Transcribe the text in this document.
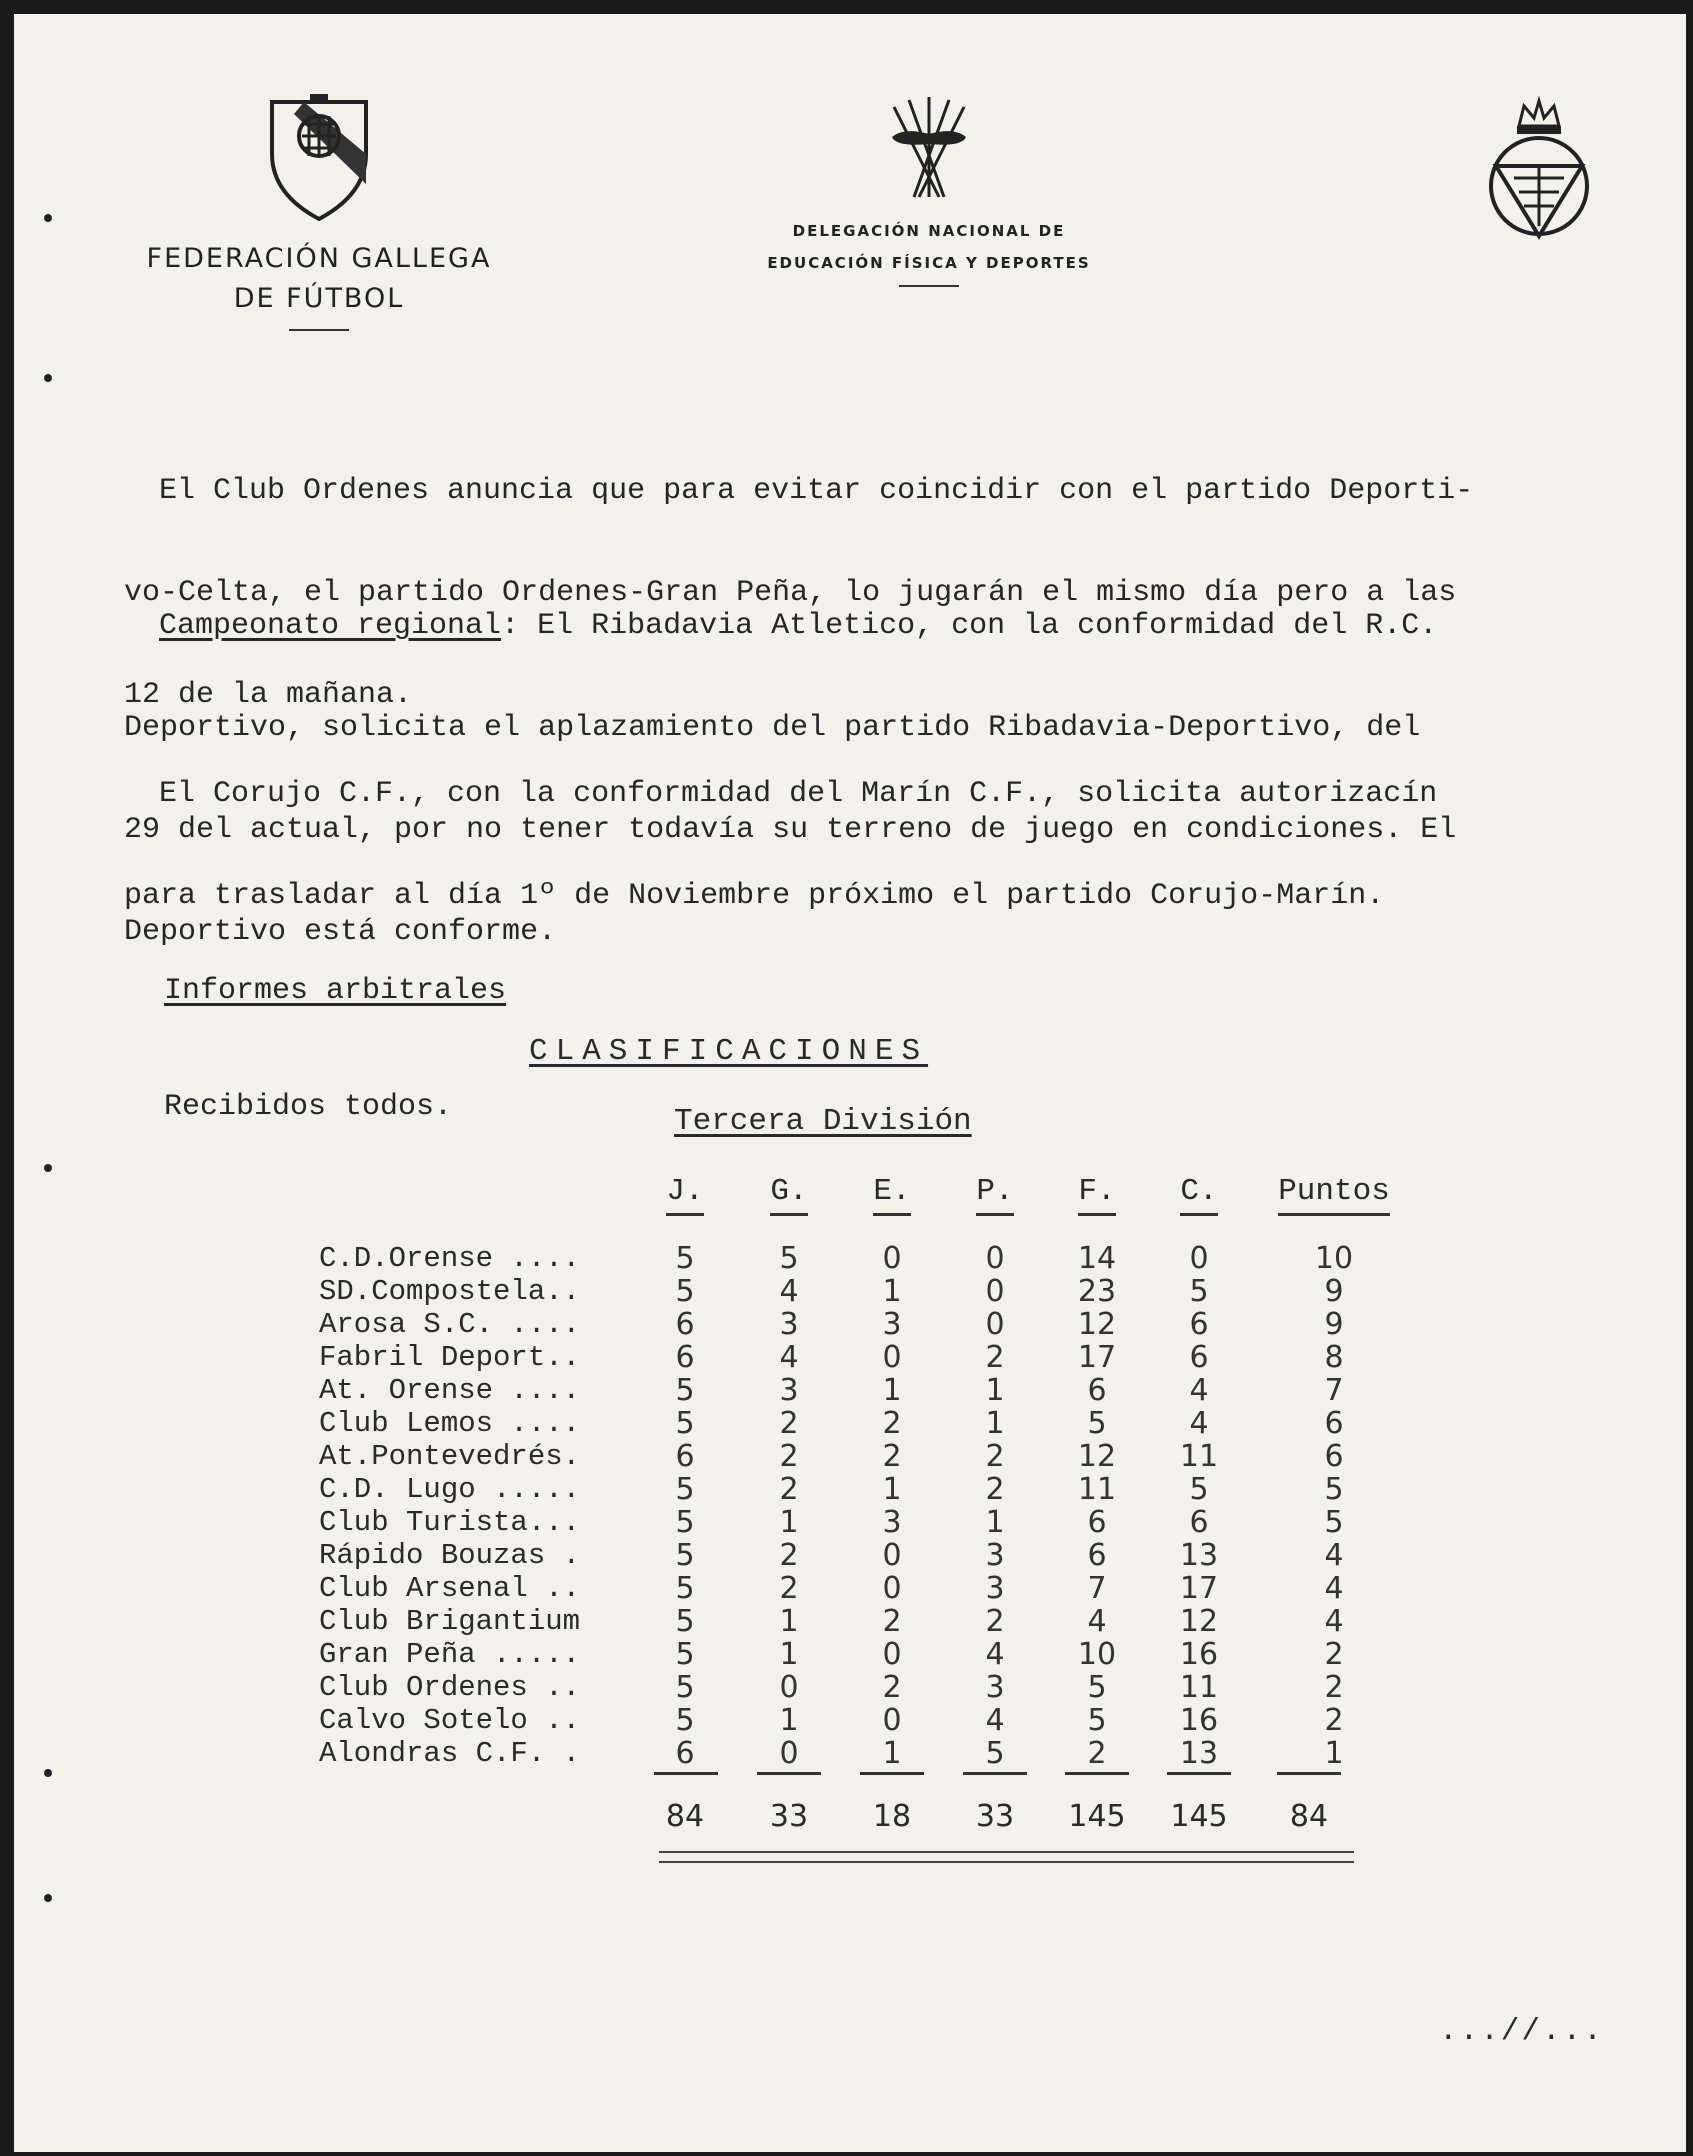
FEDERACIÓN GALLEGA
DE FÚTBOL
DELEGACIÓN NACIONAL DE
EDUCACIÓN FÍSICA Y DEPORTES

El Club Ordenes anuncia que para evitar coincidir con el partido Deporti-

vo-Celta, el partido Ordenes-Gran Peña, lo jugarán el mismo día pero a las

12 de la mañana.

Campeonato regional: El Ribadavia Atletico, con la conformidad del R.C.

Deportivo, solicita el aplazamiento del partido Ribadavia-Deportivo, del

29 del actual, por no tener todavía su terreno de juego en condiciones. El

Deportivo está conforme.

El Corujo C.F., con la conformidad del Marín C.F., solicita autorizacín

para trasladar al día 1º de Noviembre próximo el partido Corujo-Marín.

Informes arbitrales

Recibidos todos.

CLASIFICACIONES
Tercera División
J.	G.	E.	P.	F.	C.	Puntos
C.D.Orense ....	5	5	0	0	14	0	10
SD.Compostela..	5	4	1	0	23	5	9
Arosa S.C. ....	6	3	3	0	12	6	9
Fabril Deport..	6	4	0	2	17	6	8
At. Orense ....	5	3	1	1	6	4	7
Club Lemos ....	5	2	2	1	5	4	6
At.Pontevedrés.	6	2	2	2	12	11	6
C.D. Lugo .....	5	2	1	2	11	5	5
Club Turista...	5	1	3	1	6	6	5
Rápido Bouzas .	5	2	0	3	6	13	4
Club Arsenal ..	5	2	0	3	7	17	4
Club Brigantium	5	1	2	2	4	12	4
Gran Peña .....	5	1	0	4	10	16	2
Club Ordenes ..	5	0	2	3	5	11	2
Calvo Sotelo ..	5	1	0	4	5	16	2
Alondras C.F. .	6	0	1	5	2	13	1
84	33	18	33	145	145	84
...//...
